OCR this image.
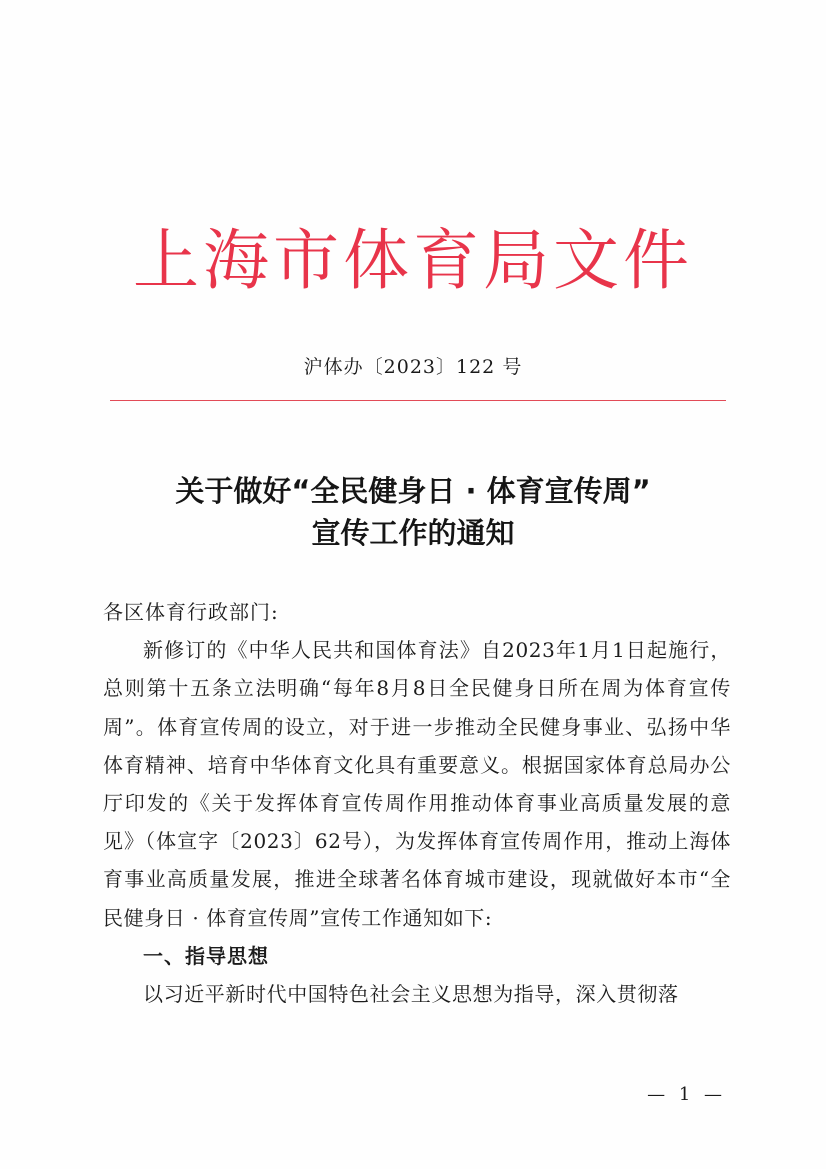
上海市体育局文件
沪体办〔2023〕122 号
关于做好“全民健身日 · 体育宣传周”
宣传工作的通知

各区体育行政部门:

新修订的《中华人民共和国体育法》自2023年1月1日起施行，总则第十五条立法明确“每年8月8日全民健身日所在周为体育宣传周”。体育宣传周的设立，对于进一步推动全民健身事业、弘扬中华体育精神、培育中华体育文化具有重要意义。根据国家体育总局办公厅印发的《关于发挥体育宣传周作用推动体育事业高质量发展的意见》（体宣字〔2023〕62号），为发挥体育宣传周作用，推动上海体育事业高质量发展，推进全球著名体育城市建设，现就做好本市“全民健身日 · 体育宣传周”宣传工作通知如下:

一、指导思想

以习近平新时代中国特色社会主义思想为指导，深入贯彻落

— 1 —
